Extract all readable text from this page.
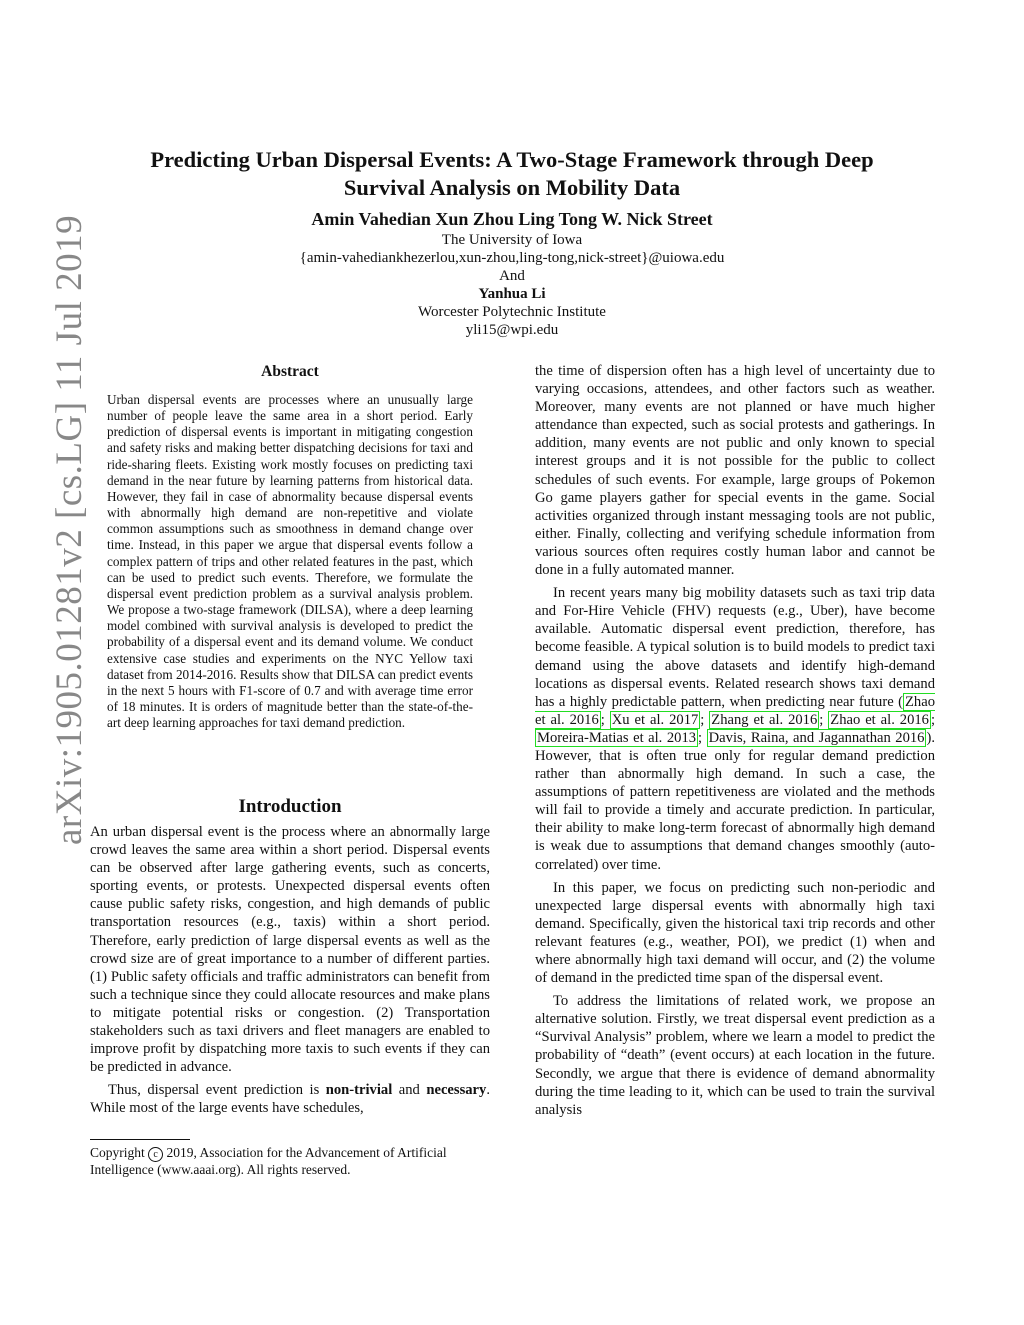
arXiv:1905.01281v2 [cs.LG] 11 Jul 2019
Predicting Urban Dispersal Events: A Two-Stage Framework through Deep
Survival Analysis on Mobility Data
Amin Vahedian Xun Zhou Ling Tong W. Nick Street
The University of Iowa
{amin-vahediankhezerlou,xun-zhou,ling-tong,nick-street}@uiowa.edu
And
Yanhua Li
Worcester Polytechnic Institute
yli15@wpi.edu
Abstract

Urban dispersal events are processes where an unusually large number of people leave the same area in a short period. Early prediction of dispersal events is important in mitigating congestion and safety risks and making better dispatching decisions for taxi and ride-sharing fleets. Existing work mostly focuses on predicting taxi demand in the near future by learning patterns from historical data. However, they fail in case of abnormality because dispersal events with abnormally high demand are non-repetitive and violate common assumptions such as smoothness in demand change over time. Instead, in this paper we argue that dispersal events follow a complex pattern of trips and other related features in the past, which can be used to predict such events. Therefore, we formulate the dispersal event prediction problem as a survival analysis problem. We propose a two-stage framework (DILSA), where a deep learning model combined with survival analysis is developed to predict the probability of a dispersal event and its demand volume. We conduct extensive case studies and experiments on the NYC Yellow taxi dataset from 2014-2016. Results show that DILSA can predict events in the next 5 hours with F1-score of 0.7 and with average time error of 18 minutes. It is orders of magnitude better than the state-of-the-art deep learning approaches for taxi demand prediction.

Introduction

An urban dispersal event is the process where an abnormally large crowd leaves the same area within a short period. Dispersal events can be observed after large gathering events, such as concerts, sporting events, or protests. Unexpected dispersal events often cause public safety risks, congestion, and high demands of public transportation resources (e.g., taxis) within a short period. Therefore, early prediction of large dispersal events as well as the crowd size are of great importance to a number of different parties. (1) Public safety officials and traffic administrators can benefit from such a technique since they could allocate resources and make plans to mitigate potential risks or congestion. (2) Transportation stakeholders such as taxi drivers and fleet managers are enabled to improve profit by dispatching more taxis to such events if they can be predicted in advance.

Thus, dispersal event prediction is non-trivial and necessary. While most of the large events have schedules,

Copyright c 2019, Association for the Advancement of Artificial Intelligence (www.aaai.org). All rights reserved.

the time of dispersion often has a high level of uncertainty due to varying occasions, attendees, and other factors such as weather. Moreover, many events are not planned or have much higher attendance than expected, such as social protests and gatherings. In addition, many events are not public and only known to special interest groups and it is not possible for the public to collect schedules of such events. For example, large groups of Pokemon Go game players gather for special events in the game. Social activities organized through instant messaging tools are not public, either. Finally, collecting and verifying schedule information from various sources often requires costly human labor and cannot be done in a fully automated manner.

In recent years many big mobility datasets such as taxi trip data and For-Hire Vehicle (FHV) requests (e.g., Uber), have become available. Automatic dispersal event prediction, therefore, has become feasible. A typical solution is to build models to predict taxi demand using the above datasets and identify high-demand locations as dispersal events. Related research shows taxi demand has a highly predictable pattern, when predicting near future ( Zhao et al. 2016 ; Xu et al. 2017 ; Zhang et al. 2016 ; Zhao et al. 2016 ; Moreira-Matias et al. 2013 ; Davis, Raina, and Jagannathan 2016 ). However, that is often true only for regular demand prediction rather than abnormally high demand. In such a case, the assumptions of pattern repetitiveness are violated and the methods will fail to provide a timely and accurate prediction. In particular, their ability to make long-term forecast of abnormally high demand is weak due to assumptions that demand changes smoothly (auto-correlated) over time.

In this paper, we focus on predicting such non-periodic and unexpected large dispersal events with abnormally high taxi demand. Specifically, given the historical taxi trip records and other relevant features (e.g., weather, POI), we predict (1) when and where abnormally high taxi demand will occur, and (2) the volume of demand in the predicted time span of the dispersal event.

To address the limitations of related work, we propose an alternative solution. Firstly, we treat dispersal event prediction as a “Survival Analysis” problem, where we learn a model to predict the probability of “death” (event occurs) at each location in the future. Secondly, we argue that there is evidence of demand abnormality during the time leading to it, which can be used to train the survival analysis
